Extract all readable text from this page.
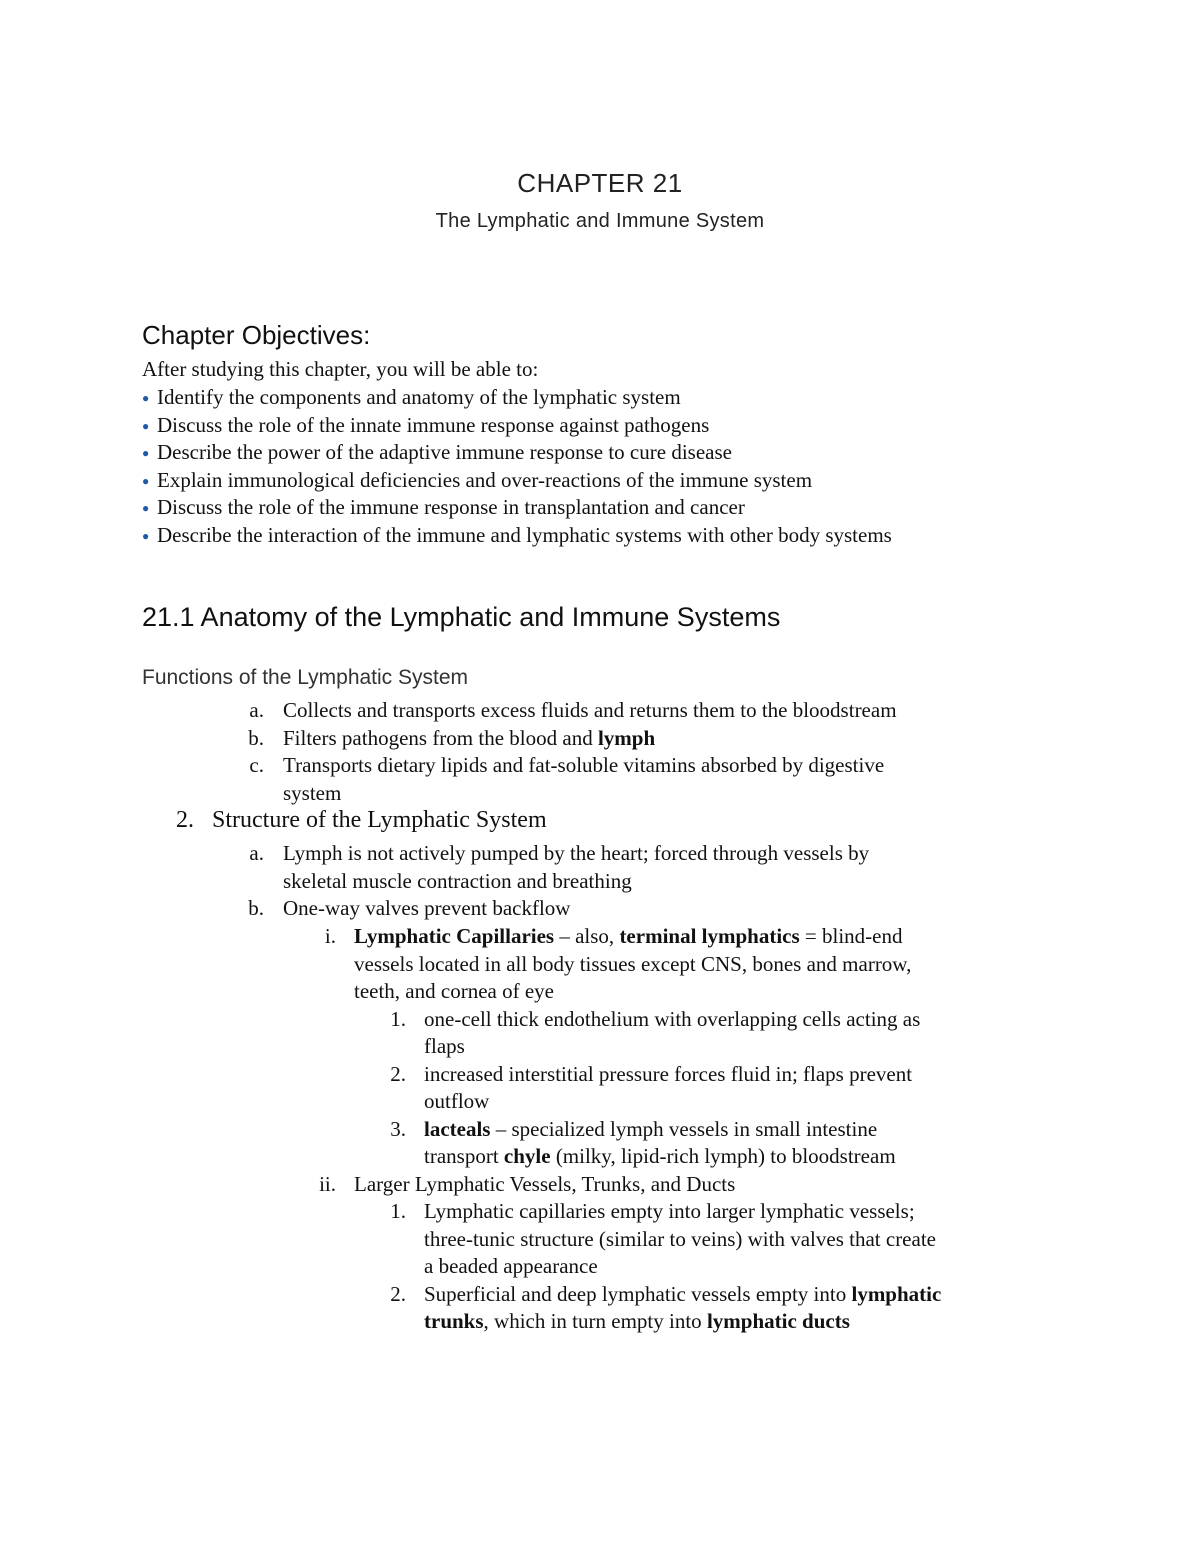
CHAPTER 21
The Lymphatic and Immune System
Chapter Objectives:

After studying this chapter, you will be able to:

● Identify the components and anatomy of the lymphatic system
● Discuss the role of the innate immune response against pathogens
● Describe the power of the adaptive immune response to cure disease
● Explain immunological deficiencies and over-reactions of the immune system
● Discuss the role of the immune response in transplantation and cancer
● Describe the interaction of the immune and lymphatic systems with other body systems
21.1 Anatomy of the Lymphatic and Immune Systems
Functions of the Lymphatic System
a. Collects and transports excess fluids and returns them to the bloodstream
b. Filters pathogens from the blood and lymph
c. Transports dietary lipids and fat-soluble vitamins absorbed by digestive
system
2. Structure of the Lymphatic System
a. Lymph is not actively pumped by the heart; forced through vessels by
skeletal muscle contraction and breathing
b. One-way valves prevent backflow
i. Lymphatic Capillaries – also, terminal lymphatics = blind-end
vessels located in all body tissues except CNS, bones and marrow,
teeth, and cornea of eye
1. one-cell thick endothelium with overlapping cells acting as
flaps
2. increased interstitial pressure forces fluid in; flaps prevent
outflow
3. lacteals – specialized lymph vessels in small intestine
transport chyle (milky, lipid-rich lymph) to bloodstream
ii. Larger Lymphatic Vessels, Trunks, and Ducts
1. Lymphatic capillaries empty into larger lymphatic vessels;
three-tunic structure (similar to veins) with valves that create
a beaded appearance
2. Superficial and deep lymphatic vessels empty into lymphatic
trunks, which in turn empty into lymphatic ducts
